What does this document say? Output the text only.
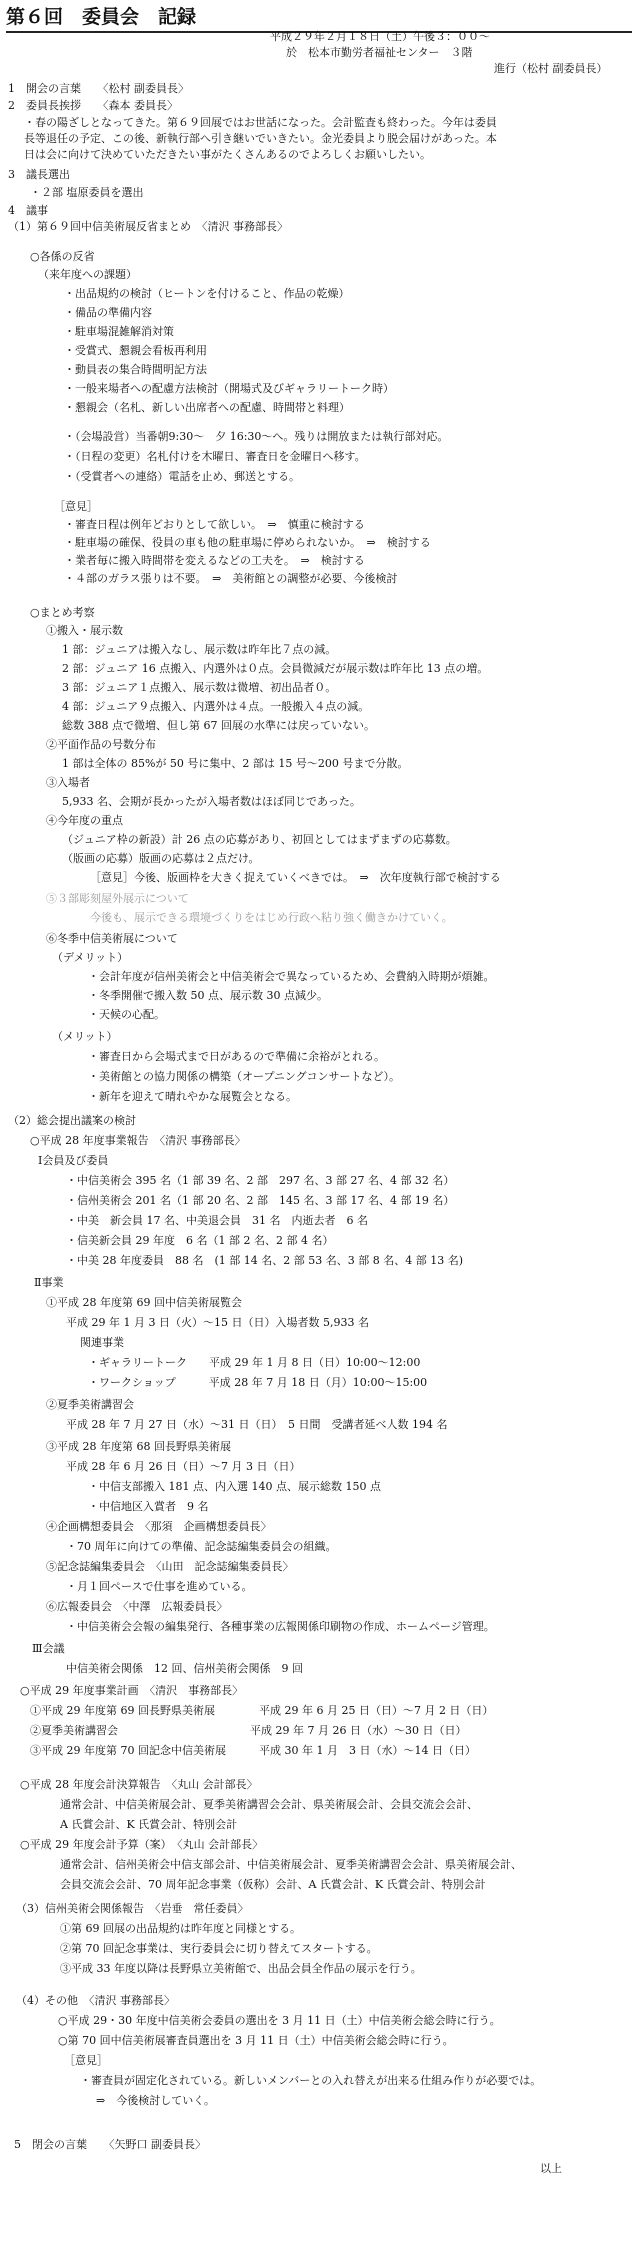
第６回　委員会　記録
平成２９年２月１８日（土）午後３：００～
於　松本市勤労者福祉センター　３階
進行（松村 副委員長）
1　開会の言葉　　〈松村 副委員長〉
2　委員長挨拶　　〈森本 委員長〉
・春の陽ざしとなってきた。第６９回展ではお世話になった。会計監査も終わった。今年は委員
長等退任の予定、この後、新執行部へ引き継いでいきたい。金光委員より脱会届けがあった。本
日は会に向けて決めていただきたい事がたくさんあるのでよろしくお願いしたい。
3　議長選出
・２部 塩原委員を選出
4　議事
（1）第６９回中信美術展反省まとめ　〈清沢 事務部長〉
○各係の反省
（来年度への課題）
・出品規約の検討（ヒートンを付けること、作品の乾燥）
・備品の準備内容
・駐車場混雑解消対策
・受賞式、懇親会看板再利用
・動員表の集合時間明記方法
・一般来場者への配慮方法検討（開場式及びギャラリートーク時）
・懇親会（名札、新しい出席者への配慮、時間帯と料理）
・（会場設営）当番朝9:30～　夕 16:30～へ。残りは開放または執行部対応。
・（日程の変更）名札付けを木曜日、審査日を金曜日へ移す。
・（受賞者への連絡）電話を止め、郵送とする。
［意見］
・審査日程は例年どおりとして欲しい。　⇒　慎重に検討する
・駐車場の確保、役員の車も他の駐車場に停められないか。　⇒　検討する
・業者毎に搬入時間帯を変えるなどの工夫を。　⇒　検討する
・４部のガラス張りは不要。　⇒　美術館との調整が必要、今後検討
○まとめ考察
①搬入・展示数
1 部：ジュニアは搬入なし、展示数は昨年比７点の減。
2 部：ジュニア 16 点搬入、内選外は０点。会員微減だが展示数は昨年比 13 点の増。
3 部：ジュニア１点搬入、展示数は微増、初出品者０。
4 部：ジュニア９点搬入、内選外は４点。一般搬入４点の減。
総数 388 点で微増、但し第 67 回展の水準には戻っていない。
②平面作品の号数分布
1 部は全体の 85%が 50 号に集中、2 部は 15 号～200 号まで分散。
③入場者
5,933 名、会期が長かったが入場者数はほぼ同じであった。
④今年度の重点
（ジュニア枠の新設）計 26 点の応募があり、初回としてはまずまずの応募数。
（版画の応募）版画の応募は２点だけ。
［意見］今後、版画枠を大きく捉えていくべきでは。　⇒　次年度執行部で検討する
⑤３部彫刻屋外展示について
今後も、展示できる環境づくりをはじめ行政へ粘り強く働きかけていく。
⑥冬季中信美術展について
（デメリット）
・会計年度が信州美術会と中信美術会で異なっているため、会費納入時期が煩雑。
・冬季開催で搬入数 50 点、展示数 30 点減少。
・天候の心配。
（メリット）
・審査日から会場式まで日があるので準備に余裕がとれる。
・美術館との協力関係の構築（オープニングコンサートなど）。
・新年を迎えて晴れやかな展覧会となる。
（2）総会提出議案の検討
○平成 28 年度事業報告　〈清沢 事務部長〉
Ⅰ会員及び委員
・中信美術会 395 名（1 部 39 名、2 部　297 名、3 部 27 名、4 部 32 名）
・信州美術会 201 名（1 部 20 名、2 部　145 名、3 部 17 名、4 部 19 名）
・中美　新会員 17 名、中美退会員　31 名　内逝去者　6 名
・信美新会員 29 年度　6 名（1 部 2 名、2 部 4 名）
・中美 28 年度委員　88 名　(1 部 14 名、2 部 53 名、3 部 8 名、4 部 13 名)
Ⅱ事業
①平成 28 年度第 69 回中信美術展覧会
平成 29 年 1 月 3 日（火）～15 日（日）入場者数 5,933 名
関連事業
・ギャラリートーク　　平成 29 年 1 月 8 日（日）10:00～12:00
・ワークショップ　　　平成 28 年 7 月 18 日（月）10:00～15:00
②夏季美術講習会
平成 28 年 7 月 27 日（水）～31 日（日）　5 日間　受講者延べ人数 194 名
③平成 28 年度第 68 回長野県美術展
平成 28 年 6 月 26 日（日）～7 月 3 日（日）
・中信支部搬入 181 点、内入選 140 点、展示総数 150 点
・中信地区入賞者　9 名
④企画構想委員会　〈那須　企画構想委員長〉
・70 周年に向けての準備、記念誌編集委員会の組織。
⑤記念誌編集委員会　〈山田　記念誌編集委員長〉
・月１回ペースで仕事を進めている。
⑥広報委員会　〈中澤　広報委員長〉
・中信美術会会報の編集発行、各種事業の広報関係印刷物の作成、ホームページ管理。
Ⅲ会議
中信美術会関係　12 回、信州美術会関係　9 回
○平成 29 年度事業計画　〈清沢　事務部長〉
①平成 29 年度第 69 回長野県美術展　　　　平成 29 年 6 月 25 日（日）～7 月 2 日（日）
②夏季美術講習会　　　　　　　　　　　　平成 29 年 7 月 26 日（水）～30 日（日）
③平成 29 年度第 70 回記念中信美術展　　　平成 30 年 1 月　3 日（水）～14 日（日）
○平成 28 年度会計決算報告　〈丸山 会計部長〉
通常会計、中信美術展会計、夏季美術講習会会計、県美術展会計、会員交流会会計、
A 氏賞会計、K 氏賞会計、特別会計
○平成 29 年度会計予算（案）　〈丸山 会計部長〉
通常会計、信州美術会中信支部会計、中信美術展会計、夏季美術講習会会計、県美術展会計、
会員交流会会計、70 周年記念事業（仮称）会計、A 氏賞会計、K 氏賞会計、特別会計
（3）信州美術会関係報告　〈岩垂　常任委員〉
①第 69 回展の出品規約は昨年度と同様とする。
②第 70 回記念事業は、実行委員会に切り替えてスタートする。
③平成 33 年度以降は長野県立美術館で、出品会員全作品の展示を行う。
（4）その他　〈清沢 事務部長〉
○平成 29・30 年度中信美術会委員の選出を 3 月 11 日（土）中信美術会総会時に行う。
○第 70 回中信美術展審査員選出を 3 月 11 日（土）中信美術会総会時に行う。
［意見］
・審査員が固定化されている。新しいメンバーとの入れ替えが出来る仕組み作りが必要では。
⇒　今後検討していく。
5　閉会の言葉　　〈矢野口 副委員長〉
以上
